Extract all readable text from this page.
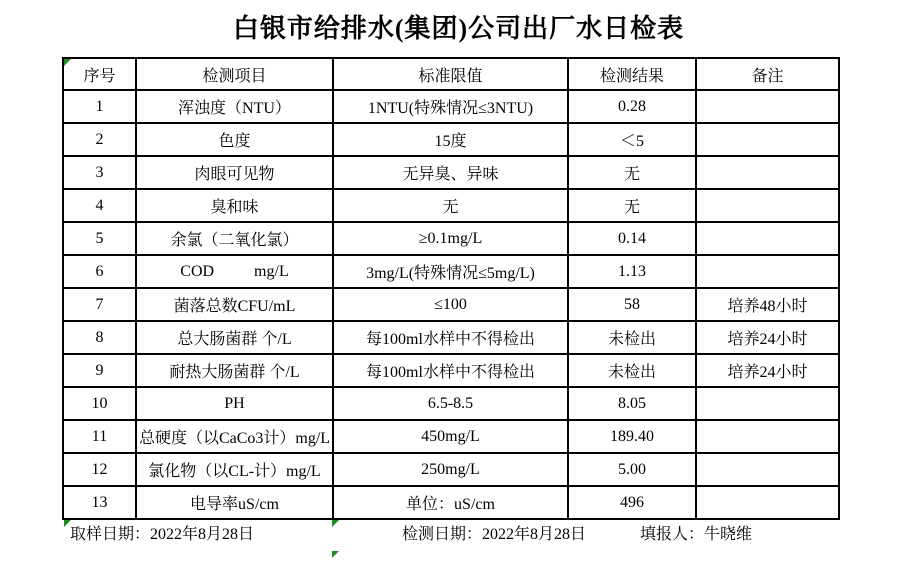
白银市给排水(集团)公司出厂水日检表
序号	检测项目	标准限值	检测结果	备注
1	浑浊度（NTU）	1NTU(特殊情况≤3NTU)	0.28	
2	色度	15度	＜5	
3	肉眼可见物	无异臭、异味	无	
4	臭和味	无	无	
5	余氯（二氧化氯）	≥0.1mg/L	0.14	
6	COD          mg/L	3mg/L(特殊情况≤5mg/L)	1.13	
7	菌落总数CFU/mL	≤100	58	培养48小时
8	总大肠菌群 个/L	每100ml水样中不得检出	未检出	培养24小时
9	耐热大肠菌群 个/L	每100ml水样中不得检出	未检出	培养24小时
10	PH	6.5-8.5	8.05	
11	总硬度（以CaCo3计）mg/L	450mg/L	189.40	
12	氯化物（以CL-计）mg/L	250mg/L	5.00	
13	电导率uS/cm	单位：uS/cm	496	
取样日期：2022年8月28日	检测日期：2022年8月28日	填报人：牛晓维
